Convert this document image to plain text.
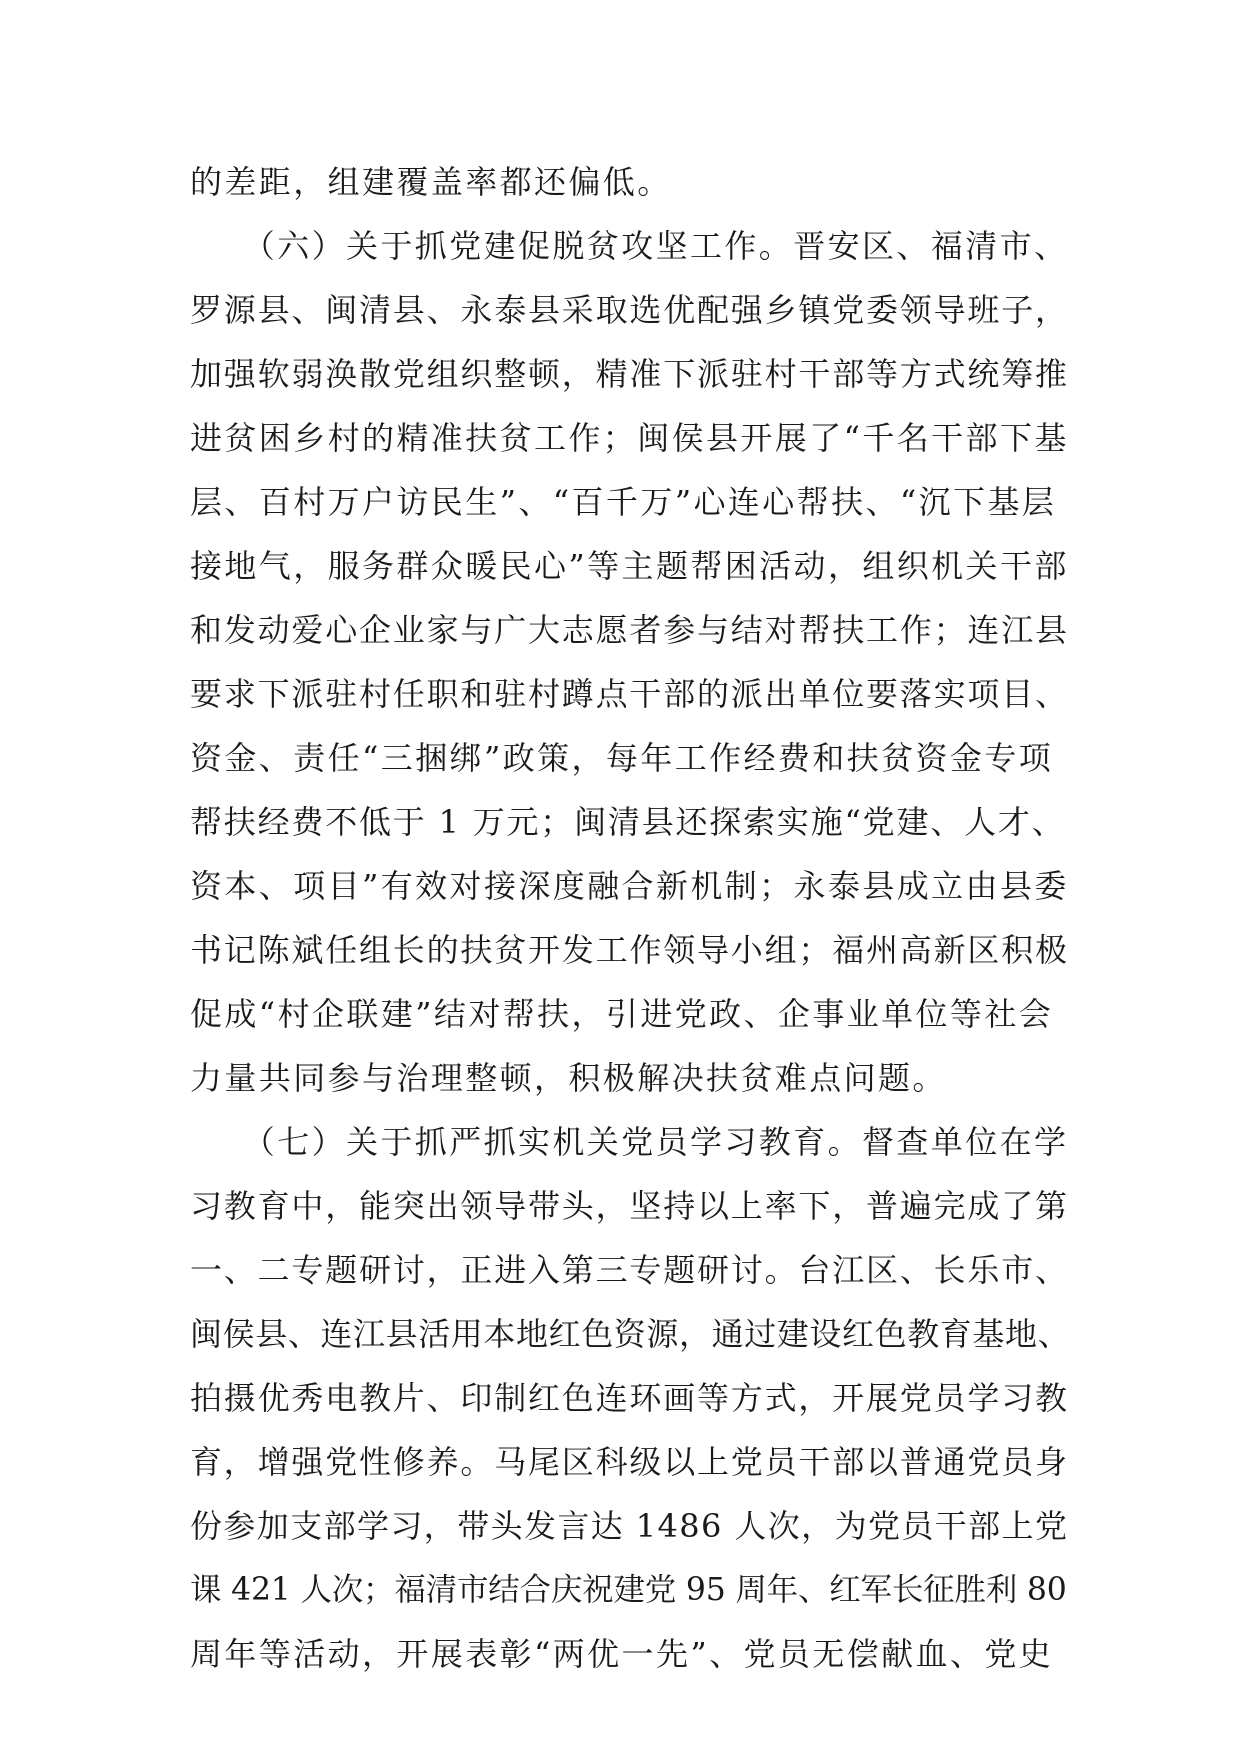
的差距，组建覆盖率都还偏低。
　　（六）关于抓党建促脱贫攻坚工作。晋安区、福清市、
罗源县、闽清县、永泰县采取选优配强乡镇党委领导班子，
加强软弱涣散党组织整顿，精准下派驻村干部等方式统筹推
进贫困乡村的精准扶贫工作；闽侯县开展了“千名干部下基
层、百村万户访民生”、“百千万”心连心帮扶、“沉下基层
接地气，服务群众暖民心”等主题帮困活动，组织机关干部
和发动爱心企业家与广大志愿者参与结对帮扶工作；连江县
要求下派驻村任职和驻村蹲点干部的派出单位要落实项目、
资金、责任“三捆绑”政策，每年工作经费和扶贫资金专项
帮扶经费不低于 1 万元；闽清县还探索实施“党建、人才、
资本、项目”有效对接深度融合新机制；永泰县成立由县委
书记陈斌任组长的扶贫开发工作领导小组；福州高新区积极
促成“村企联建”结对帮扶，引进党政、企事业单位等社会
力量共同参与治理整顿，积极解决扶贫难点问题。
　　（七）关于抓严抓实机关党员学习教育。督查单位在学
习教育中，能突出领导带头，坚持以上率下，普遍完成了第
一、二专题研讨，正进入第三专题研讨。台江区、长乐市、
闽侯县、连江县活用本地红色资源，通过建设红色教育基地、
拍摄优秀电教片、印制红色连环画等方式，开展党员学习教
育，增强党性修养。马尾区科级以上党员干部以普通党员身
份参加支部学习，带头发言达 1486 人次，为党员干部上党
课 421 人次；福清市结合庆祝建党 95 周年、红军长征胜利 80
周年等活动，开展表彰“两优一先”、党员无偿献血、党史
